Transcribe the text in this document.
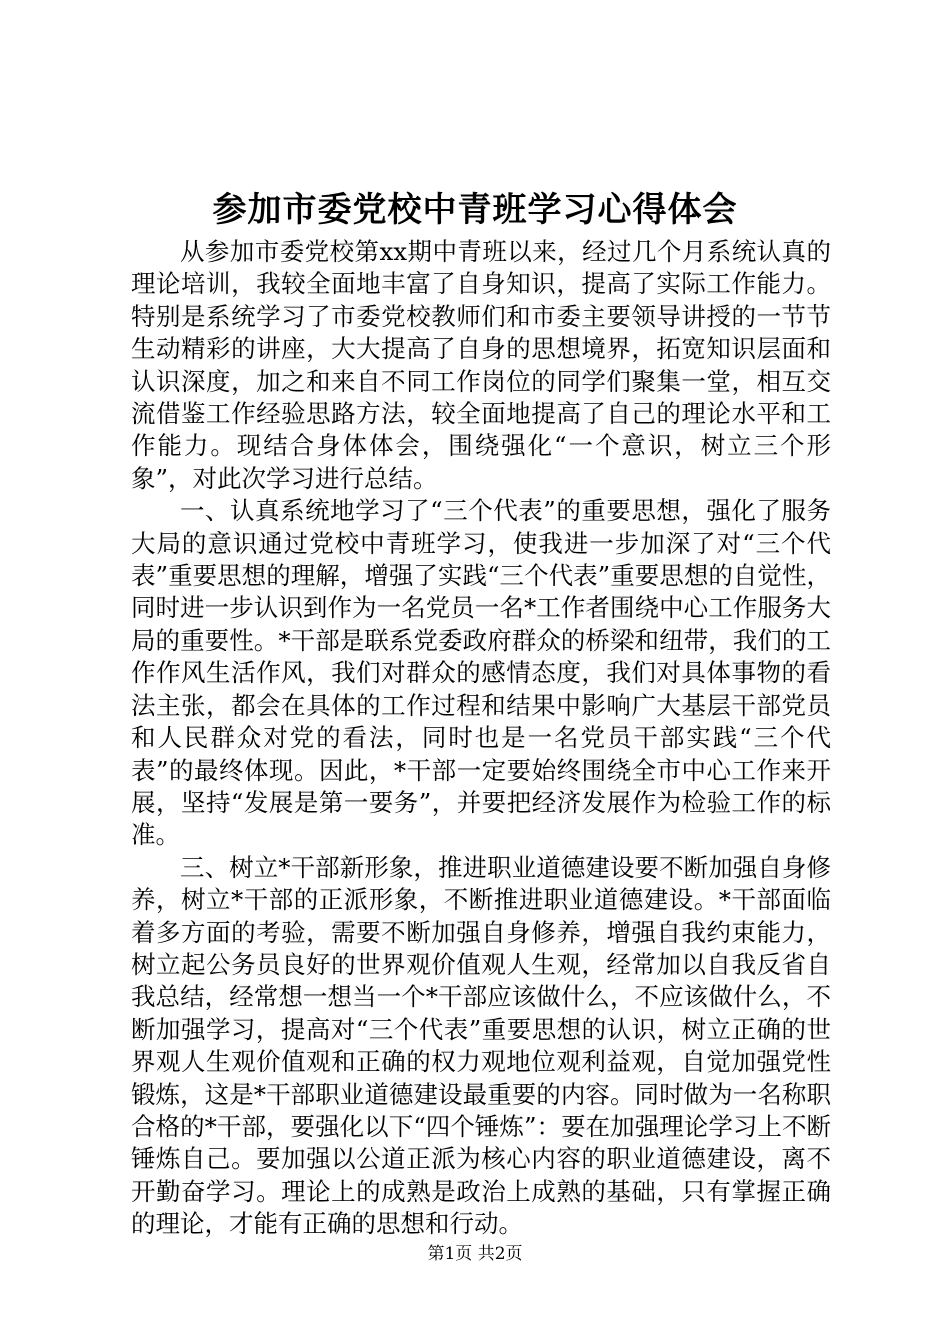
参加市委党校中青班学习心得体会

从参加市委党校第xx期中青班以来，经过几个月系统认真的理论培训，我较全面地丰富了自身知识，提高了实际工作能力。特别是系统学习了市委党校教师们和市委主要领导讲授的一节节生动精彩的讲座，大大提高了自身的思想境界，拓宽知识层面和认识深度，加之和来自不同工作岗位的同学们聚集一堂，相互交流借鉴工作经验思路方法，较全面地提高了自己的理论水平和工作能力。现结合身体体会，围绕强化“一个意识，树立三个形象”，对此次学习进行总结。

一、认真系统地学习了“三个代表”的重要思想，强化了服务大局的意识通过党校中青班学习，使我进一步加深了对“三个代表”重要思想的理解，增强了实践“三个代表”重要思想的自觉性，同时进一步认识到作为一名党员一名*工作者围绕中心工作服务大局的重要性。*干部是联系党委政府群众的桥梁和纽带，我们的工作作风生活作风，我们对群众的感情态度，我们对具体事物的看法主张，都会在具体的工作过程和结果中影响广大基层干部党员和人民群众对党的看法，同时也是一名党员干部实践“三个代表”的最终体现。因此，*干部一定要始终围绕全市中心工作来开展，坚持“发展是第一要务”，并要把经济发展作为检验工作的标准。

三、树立*干部新形象，推进职业道德建设要不断加强自身修养，树立*干部的正派形象，不断推进职业道德建设。*干部面临着多方面的考验，需要不断加强自身修养，增强自我约束能力，树立起公务员良好的世界观价值观人生观，经常加以自我反省自我总结，经常想一想当一个*干部应该做什么，不应该做什么，不断加强学习，提高对“三个代表”重要思想的认识，树立正确的世界观人生观价值观和正确的权力观地位观利益观，自觉加强党性锻炼，这是*干部职业道德建设最重要的内容。同时做为一名称职合格的*干部，要强化以下“四个锤炼”：要在加强理论学习上不断锤炼自己。要加强以公道正派为核心内容的职业道德建设，离不开勤奋学习。理论上的成熟是政治上成熟的基础，只有掌握正确的理论，才能有正确的思想和行动。

第1页 共2页
